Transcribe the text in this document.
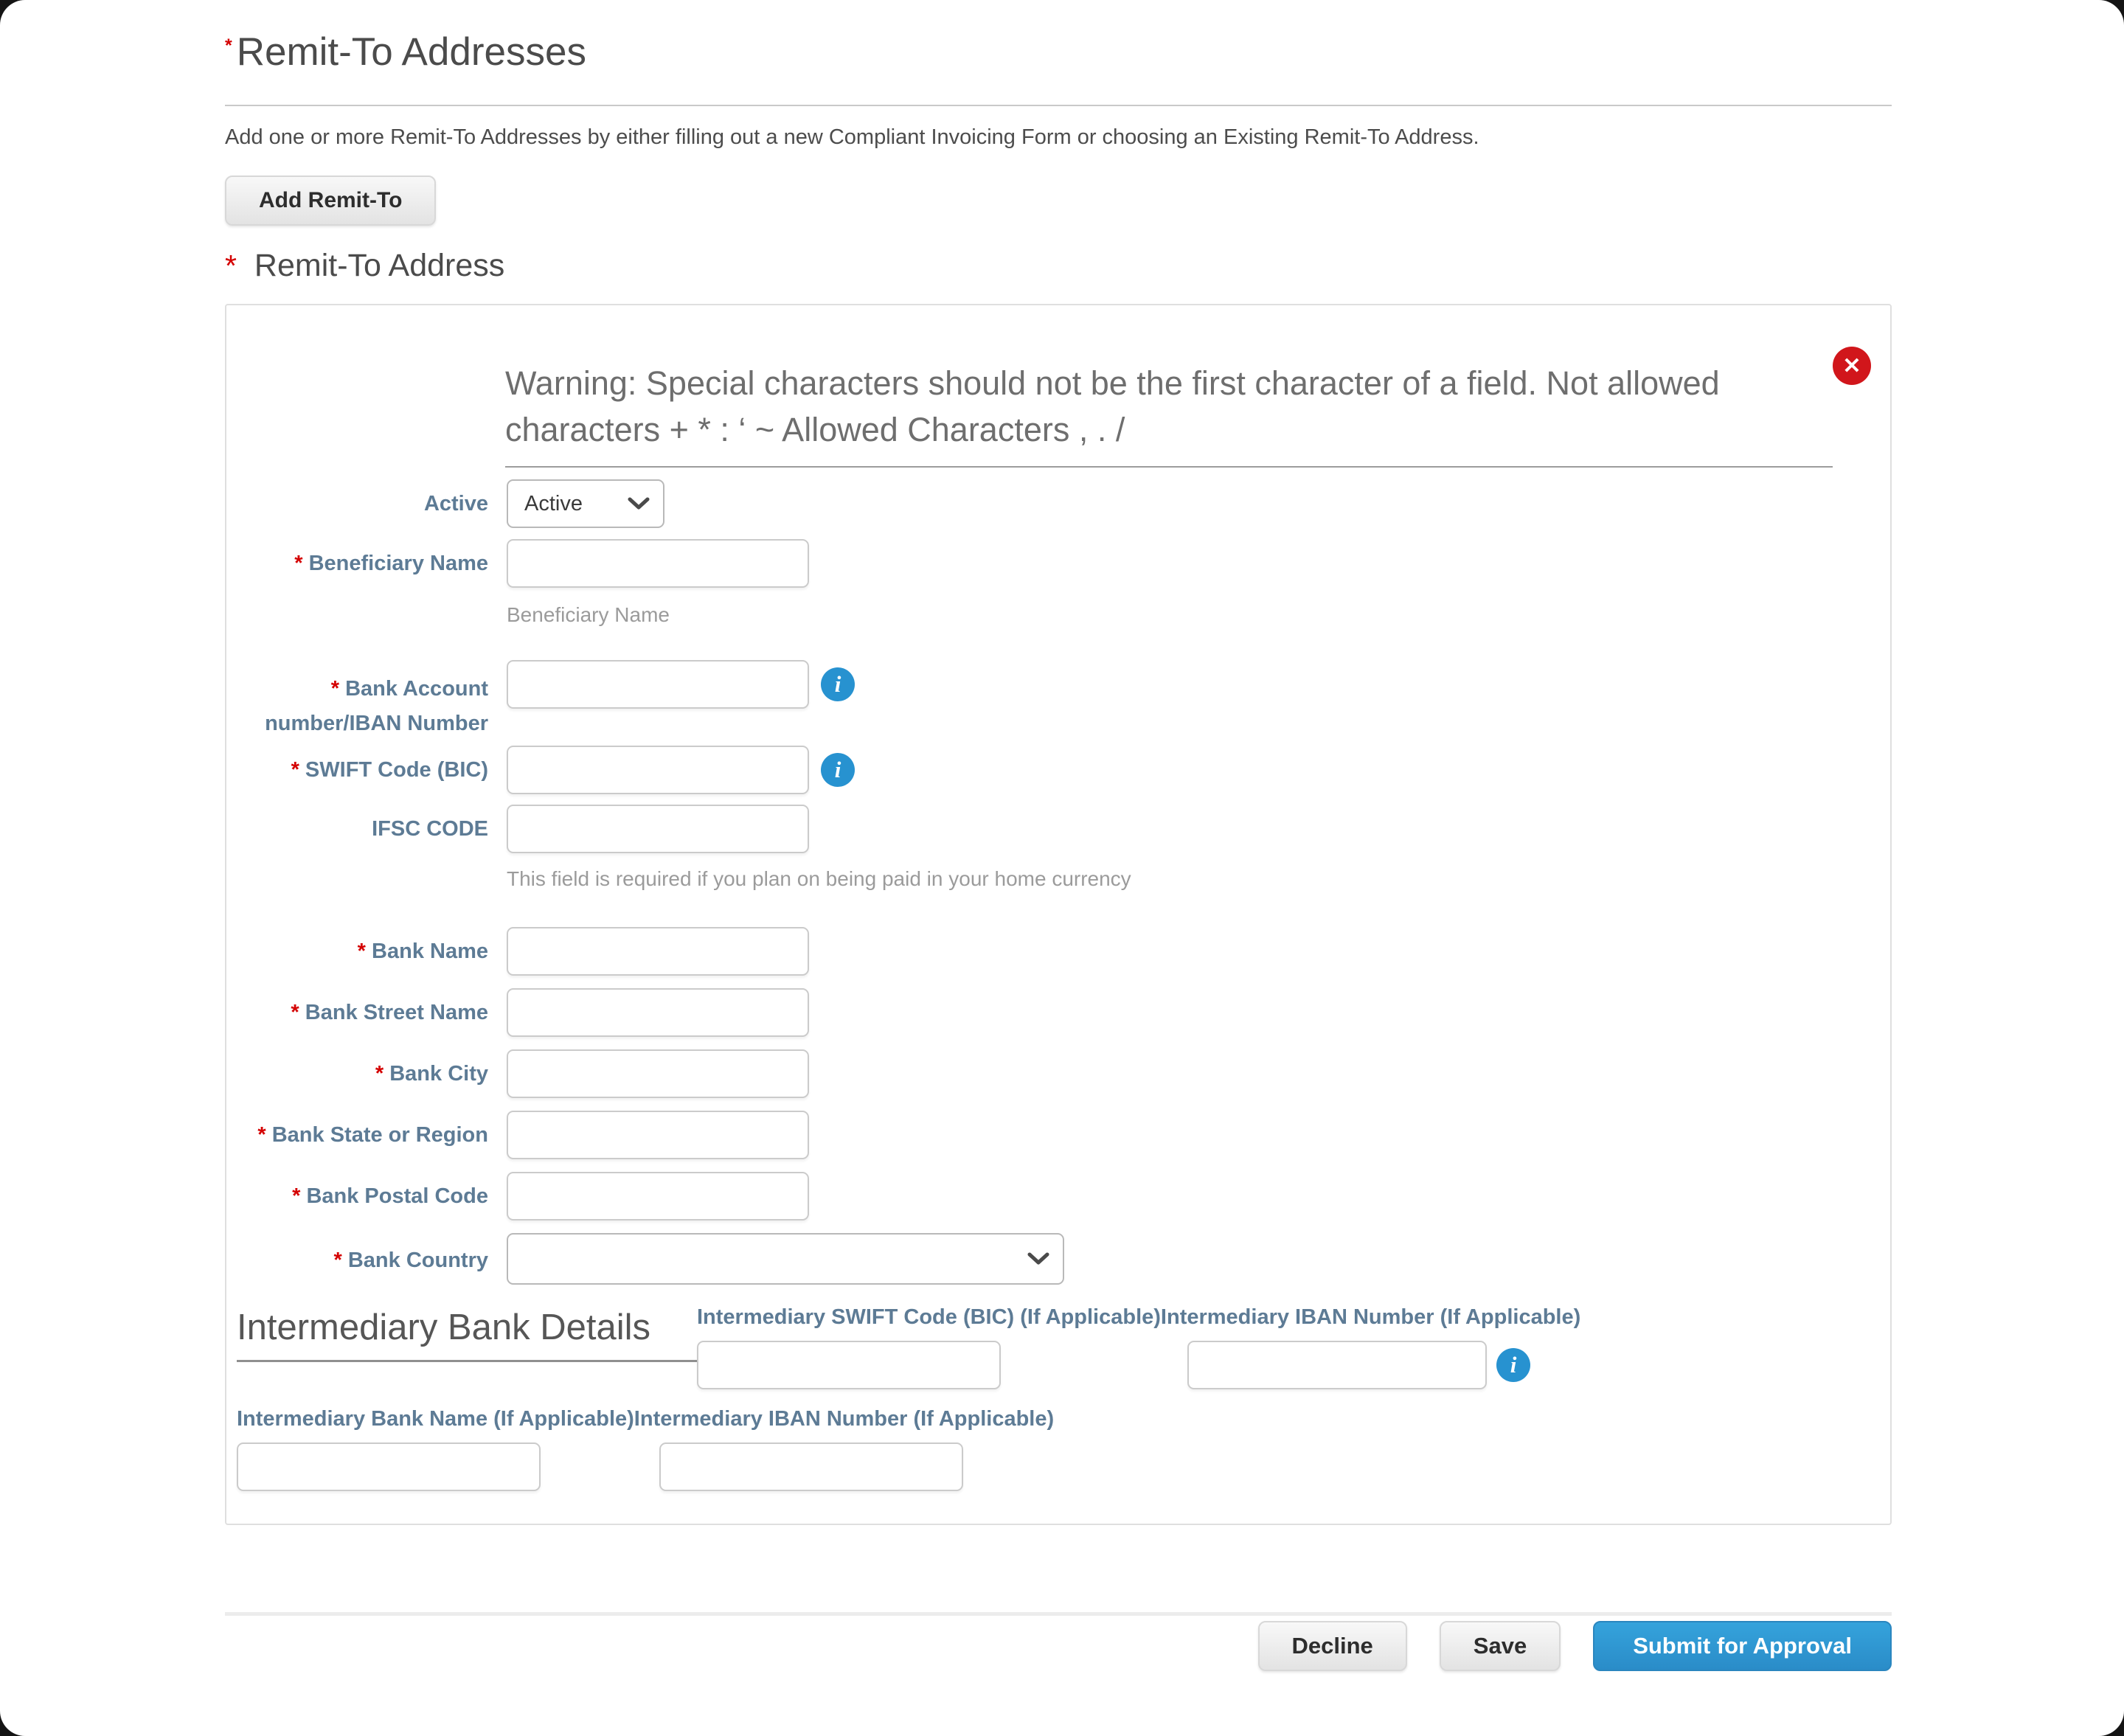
* Remit-To Addresses
Add one or more Remit-To Addresses by either filling out a new Compliant Invoicing Form or choosing an Existing Remit-To Address.
Add Remit-To
* Remit-To Address
Warning: Special characters should not be the first character of a field. Not allowed characters + * : ‘ ~ Allowed Characters , . /
✕
Active Active
* Beneficiary Name
Beneficiary Name
* Bank Account
number/IBAN Number
i
* SWIFT Code (BIC)	i
IFSC CODE
This field is required if you plan on being paid in your home currency
* Bank Name
* Bank Street Name
* Bank City
* Bank State or Region
* Bank Postal Code
* Bank Country
Intermediary Bank Details	Intermediary SWIFT Code (BIC) (If Applicable) Intermediary IBAN Number (If Applicable)
i
Intermediary Bank Name (If Applicable) Intermediary IBAN Number (If Applicable)
Decline	Save	Submit for Approval
